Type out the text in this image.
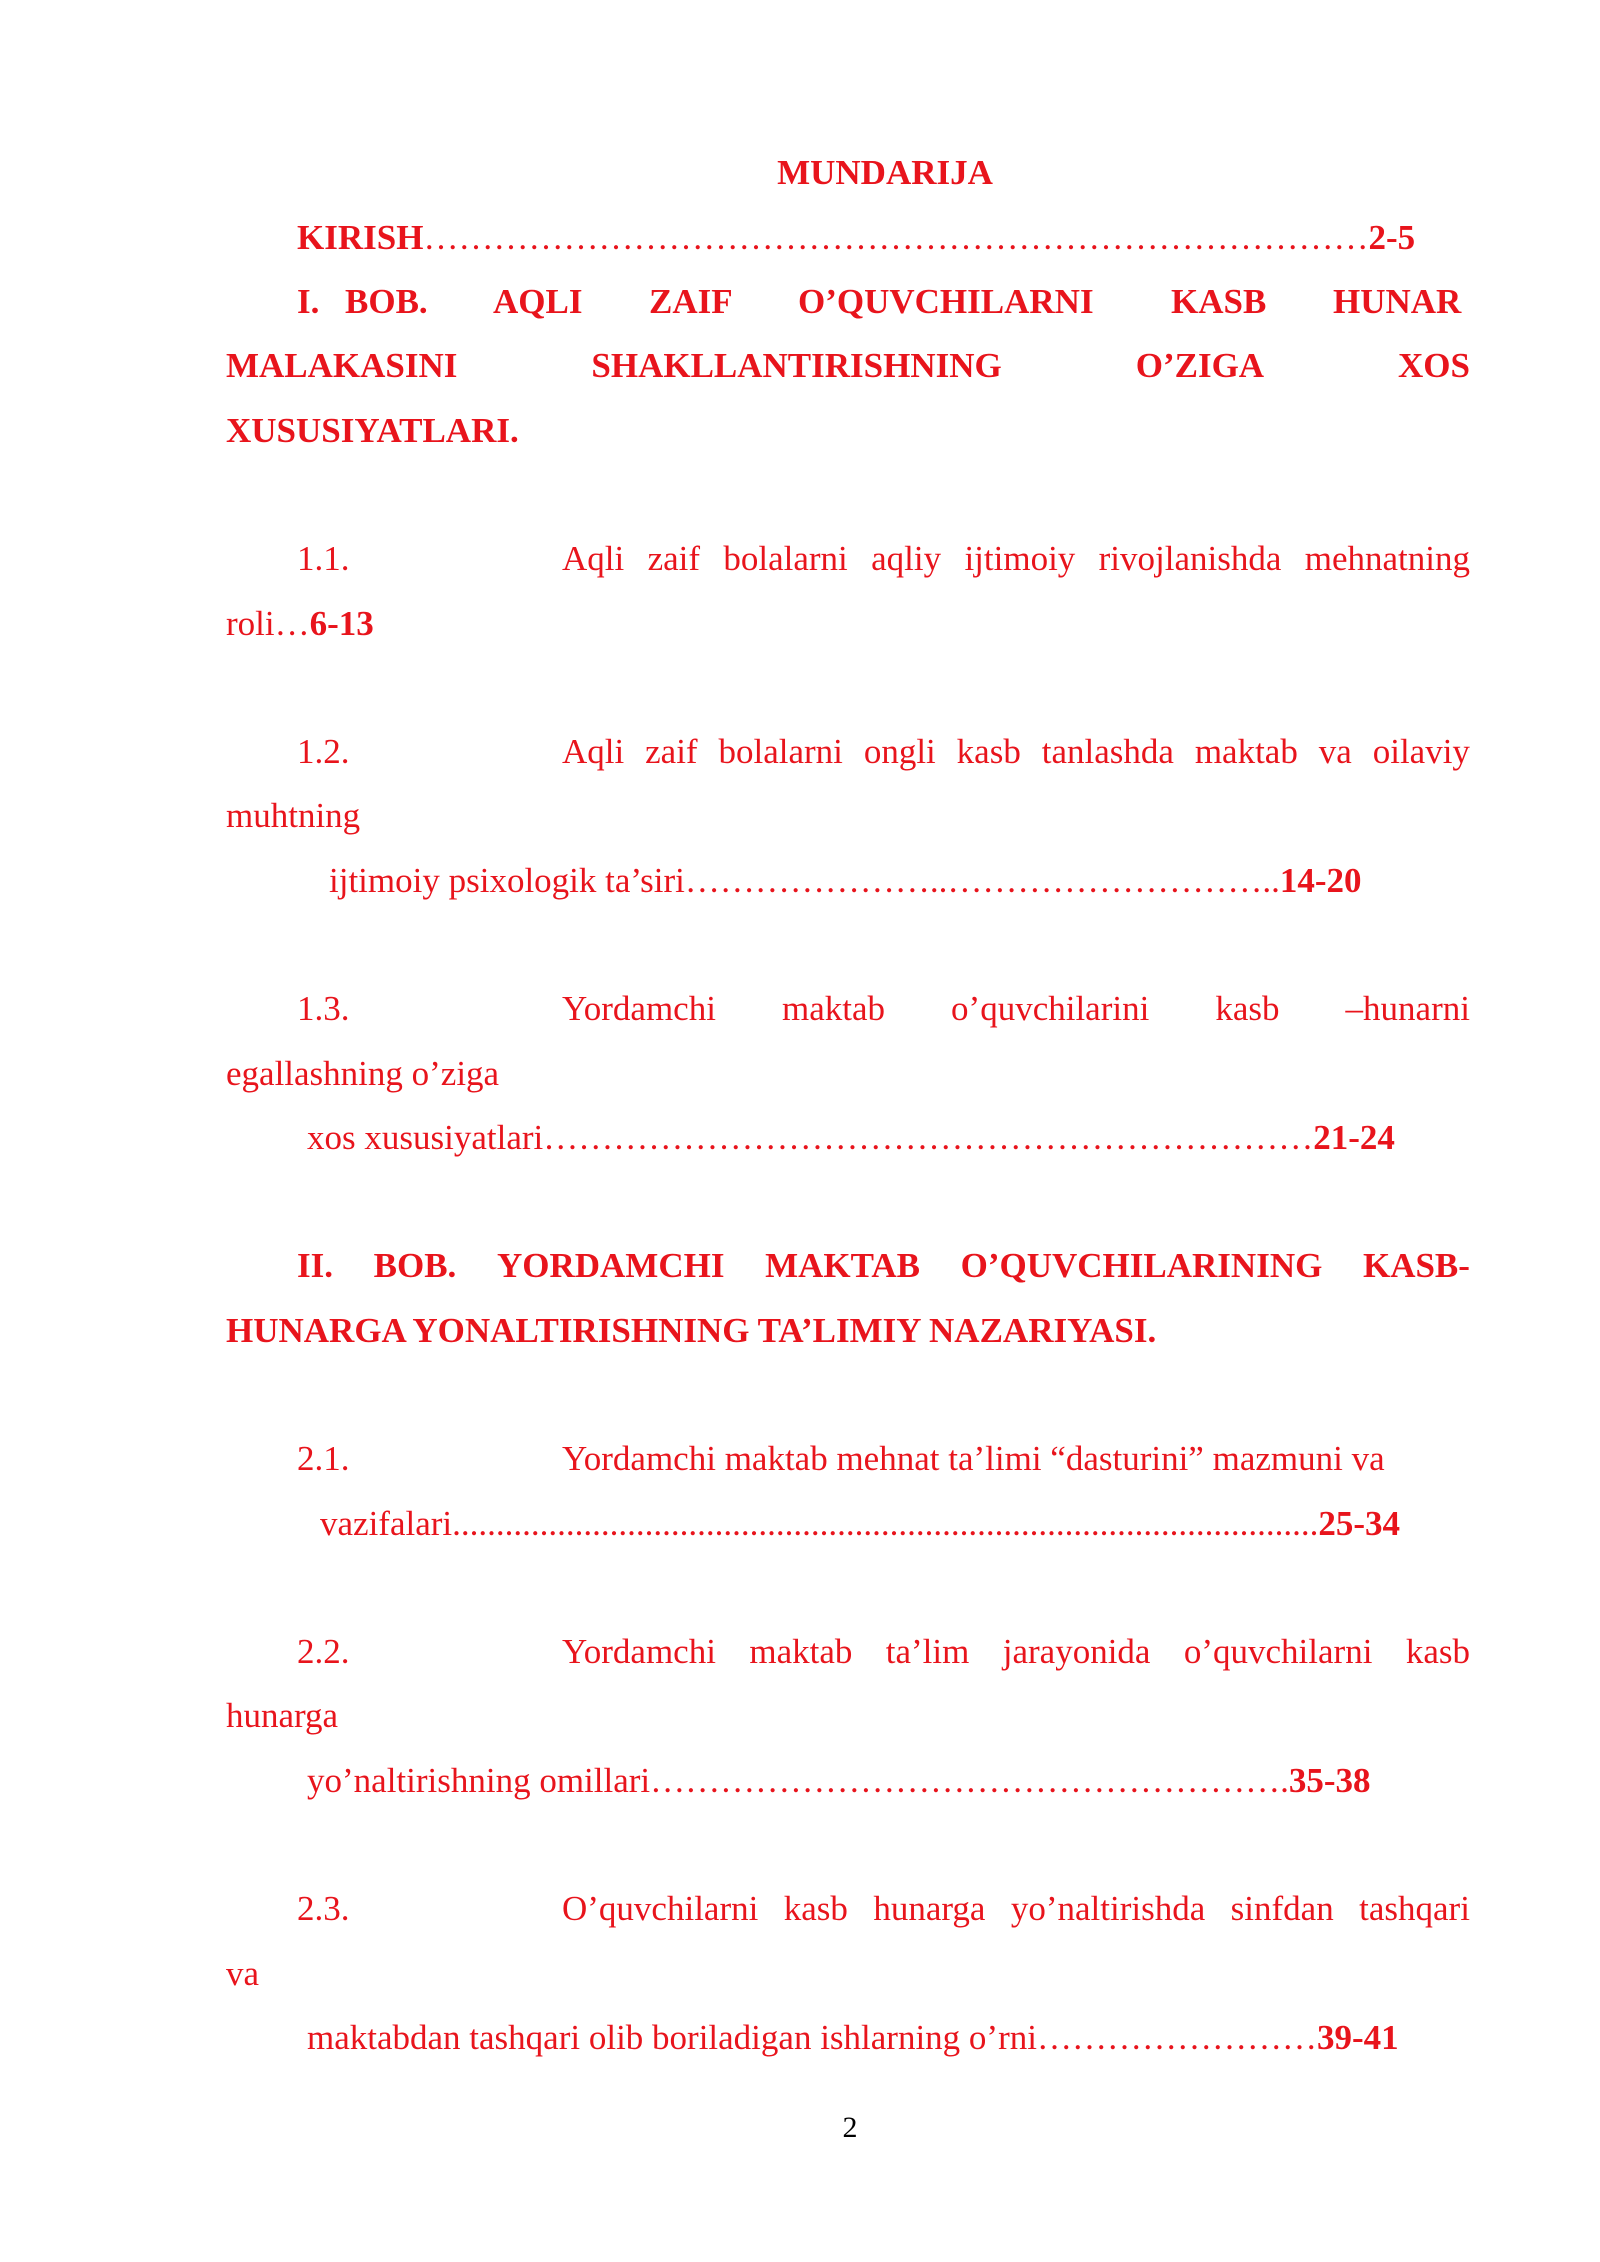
MUNDARIJA
KIRISH………………………………………………………………………2-5
I. BOB. AQLI ZAIF O’QUVCHILARNI KASB HUNAR
MALAKASINI	SHAKLLANTIRISHNING	O’ZIGA	XOS
XUSUSIYATLARI.
1.1.	Aqli zaif bolalarni aqliy ijtimoiy rivojlanishda mehnatning
roli…6-13
1.2.	Aqli zaif bolalarni ongli kasb tanlashda maktab va oilaviy
muhtning
ijtimoiy psixologik ta’siri…………………..………………………..14-20
1.3.	Yordamchi maktab o’quvchilarini kasb –hunarni
egallashning o’ziga
xos xususiyatlari…………………………………………………………21-24
II. BOB. YORDAMCHI MAKTAB O’QUVCHILARINING KASB-
HUNARGA YONALTIRISHNING TA’LIMIY NAZARIYASI.
2.1.	Yordamchi maktab mehnat ta’limi “dasturini” mazmuni va
vazifalari...................................................................................................25-34
2.2.	Yordamchi maktab ta’lim jarayonida o’quvchilarni kasb
hunarga
yo’naltirishning omillari……………………………………………….35-38
2.3.	O’quvchilarni kasb hunarga yo’naltirishda sinfdan tashqari
va
maktabdan tashqari olib boriladigan ishlarning o’rni……………………39-41
2
